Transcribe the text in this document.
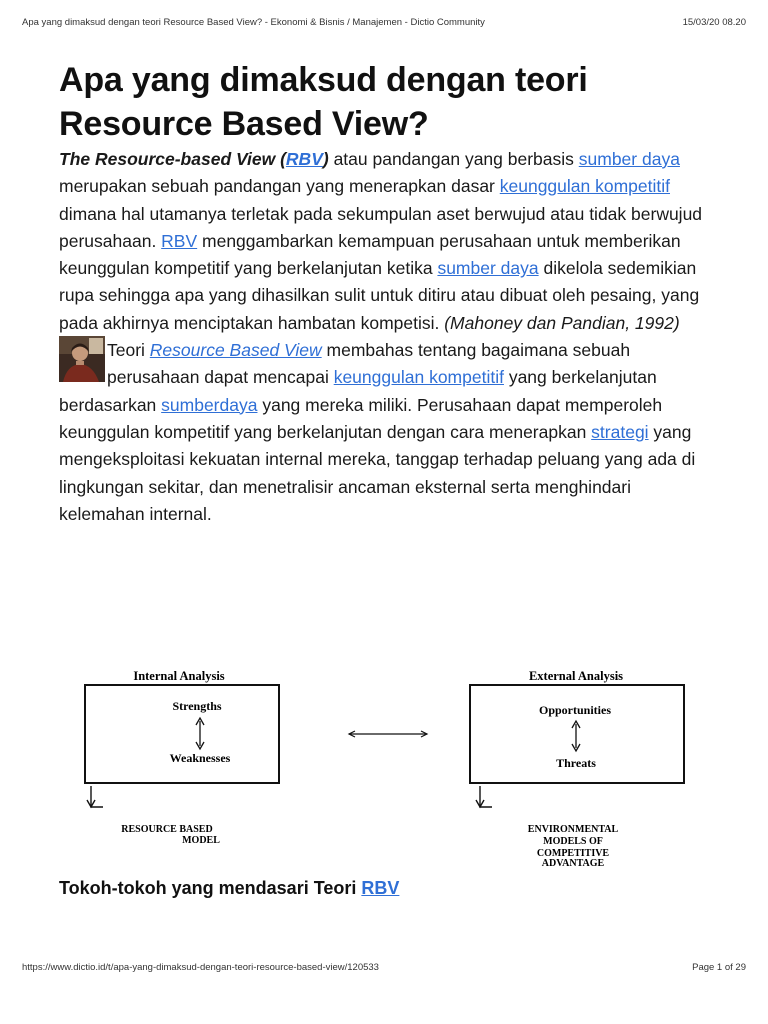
Apa yang dimaksud dengan teori Resource Based View? - Ekonomi & Bisnis / Manajemen - Dictio Community	15/03/20 08.20
Apa yang dimaksud dengan teori Resource Based View?

The Resource-based View (RBV) atau pandangan yang berbasis sumber daya merupakan sebuah pandangan yang menerapkan dasar keunggulan kompetitif dimana hal utamanya terletak pada sekumpulan aset berwujud atau tidak berwujud perusahaan. RBV menggambarkan kemampuan perusahaan untuk memberikan keunggulan kompetitif yang berkelanjutan ketika sumber daya dikelola sedemikian rupa sehingga apa yang dihasilkan sulit untuk ditiru atau dibuat oleh pesaing, yang pada akhirnya menciptakan hambatan kompetisi. (Mahoney dan Pandian, 1992)

Teori Resource Based View membahas tentang bagaimana sebuah perusahaan dapat mencapai keunggulan kompetitif yang berkelanjutan berdasarkan sumberdaya yang mereka miliki. Perusahaan dapat memperoleh keunggulan kompetitif yang berkelanjutan dengan cara menerapkan strategi yang mengeksploitasi kekuatan internal mereka, tanggap terhadap peluang yang ada di lingkungan sekitar, dan menetralisir ancaman eksternal serta menghindari kelemahan internal.

Internal Analysis
Strengths
Weaknesses
RESOURCE BASED
MODEL
External Analysis
Opportunities
Threats
ENVIRONMENTAL
MODELS OF
COMPETITIVE
ADVANTAGE
Tokoh-tokoh yang mendasari Teori RBV
https://www.dictio.id/t/apa-yang-dimaksud-dengan-teori-resource-based-view/120533	Page 1 of 29
